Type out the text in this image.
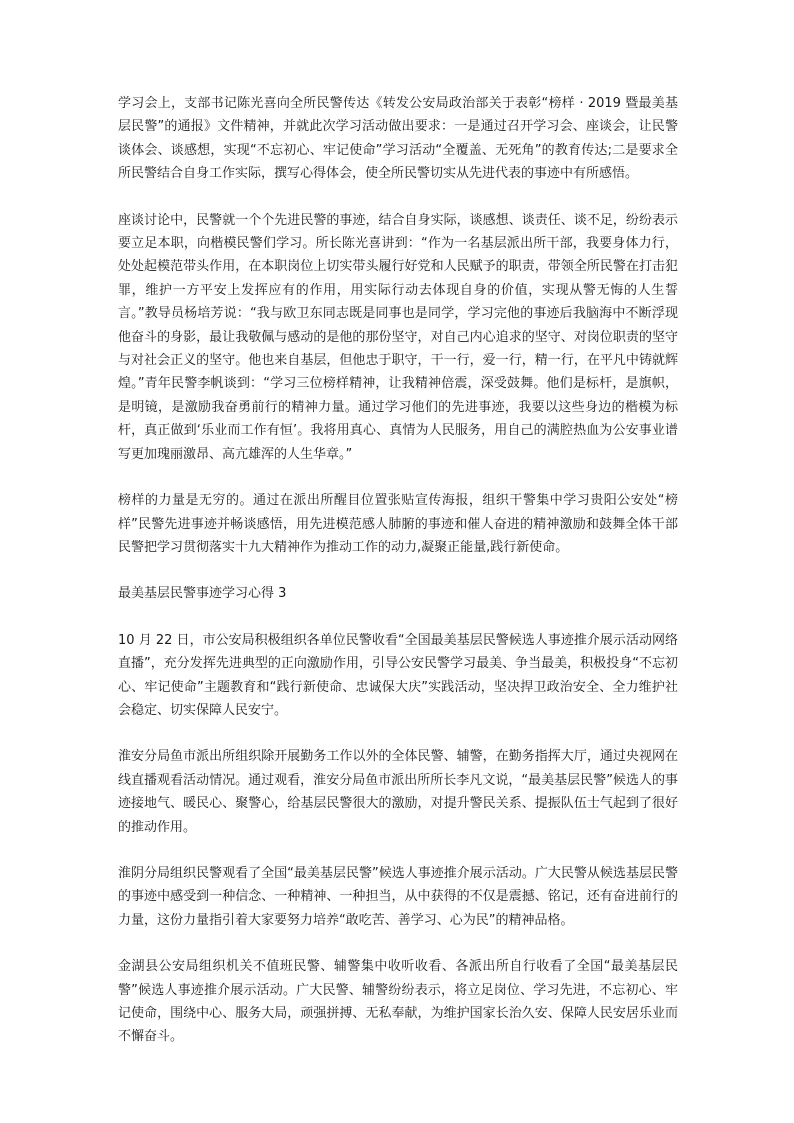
学习会上，支部书记陈光喜向全所民警传达《转发公安局政治部关于表彰“榜样 · 2019 暨最美基层民警”的通报》文件精神，并就此次学习活动做出要求：一是通过召开学习会、座谈会，让民警谈体会、谈感想，实现“不忘初心、牢记使命”学习活动“全覆盖、无死角”的教育传达;二是要求全所民警结合自身工作实际，撰写心得体会，使全所民警切实从先进代表的事迹中有所感悟。

座谈讨论中，民警就一个个先进民警的事迹，结合自身实际，谈感想、谈责任、谈不足，纷纷表示要立足本职，向楷模民警们学习。所长陈光喜讲到：“作为一名基层派出所干部，我要身体力行，处处起模范带头作用，在本职岗位上切实带头履行好党和人民赋予的职责，带领全所民警在打击犯罪，维护一方平安上发挥应有的作用，用实际行动去体现自身的价值，实现从警无悔的人生誓言。”教导员杨培芳说：“我与欧卫东同志既是同事也是同学，学习完他的事迹后我脑海中不断浮现他奋斗的身影，最让我敬佩与感动的是他的那份坚守，对自己内心追求的坚守、对岗位职责的坚守与对社会正义的坚守。他也来自基层，但他忠于职守，干一行，爱一行，精一行，在平凡中铸就辉煌。”青年民警李帆谈到：“学习三位榜样精神，让我精神倍震，深受鼓舞。他们是标杆，是旗帜，是明镜，是激励我奋勇前行的精神力量。通过学习他们的先进事迹，我要以这些身边的楷模为标杆，真正做到‘乐业而工作有恒’。我将用真心、真情为人民服务，用自己的满腔热血为公安事业谱写更加瑰丽激昂、高亢雄浑的人生华章。”

榜样的力量是无穷的。通过在派出所醒目位置张贴宣传海报，组织干警集中学习贵阳公安处“榜样”民警先进事迹并畅谈感悟，用先进模范感人肺腑的事迹和催人奋进的精神激励和鼓舞全体干部民警把学习贯彻落实十九大精神作为推动工作的动力,凝聚正能量,践行新使命。

最美基层民警事迹学习心得 3

10 月 22 日，市公安局积极组织各单位民警收看“全国最美基层民警候选人事迹推介展示活动网络直播”，充分发挥先进典型的正向激励作用，引导公安民警学习最美、争当最美，积极投身“不忘初心、牢记使命”主题教育和“践行新使命、忠诚保大庆”实践活动，坚决捍卫政治安全、全力维护社会稳定、切实保障人民安宁。

淮安分局鱼市派出所组织除开展勤务工作以外的全体民警、辅警，在勤务指挥大厅，通过央视网在线直播观看活动情况。通过观看，淮安分局鱼市派出所所长李凡文说，“最美基层民警”候选人的事迹接地气、暖民心、聚警心，给基层民警很大的激励，对提升警民关系、提振队伍士气起到了很好的推动作用。

淮阴分局组织民警观看了全国“最美基层民警”候选人事迹推介展示活动。广大民警从候选基层民警的事迹中感受到一种信念、一种精神、一种担当，从中获得的不仅是震撼、铭记，还有奋进前行的力量，这份力量指引着大家要努力培养“敢吃苦、善学习、心为民”的精神品格。

金湖县公安局组织机关不值班民警、辅警集中收听收看、各派出所自行收看了全国“最美基层民警”候选人事迹推介展示活动。广大民警、辅警纷纷表示，将立足岗位、学习先进，不忘初心、牢记使命，围绕中心、服务大局，顽强拼搏、无私奉献，为维护国家长治久安、保障人民安居乐业而不懈奋斗。
